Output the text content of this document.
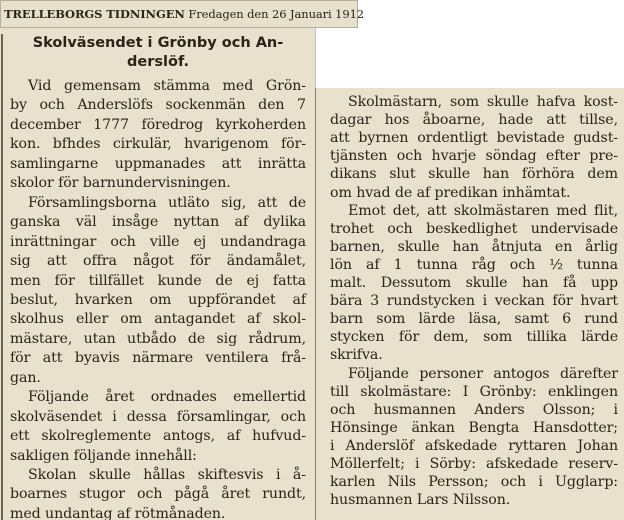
TRELLEBORGS TIDNINGEN Fredagen den 26 Januari 1912
Skolväsendet i Grönby och An-
derslöf.
Vid gemensam stämma med Grön-
by och Anderslöfs sockenmän den 7
december 1777 föredrog kyrkoherden
kon. bfhdes cirkulär, hvarigenom för-
samlingarne uppmanades att inrätta
skolor för barnundervisningen.
Församlingsborna utläto sig, att de
ganska väl insåge nyttan af dylika
inrättningar och ville ej undandraga
sig att offra något för ändamålet,
men för tillfället kunde de ej fatta
beslut, hvarken om uppförandet af
skolhus eller om antagandet af skol-
mästare, utan utbådo de sig rådrum,
för att byavis närmare ventilera frå-
gan.
Följande året ordnades emellertid
skolväsendet i dessa församlingar, och
ett skolreglemente antogs, af hufvud-
sakligen följande innehåll:
Skolan skulle hållas skiftesvis i å-
boarnes stugor och pågå året rundt,
med undantag af rötmånaden.
Skolmästarn, som skulle hafva kost-
dagar hos åboarne, hade att tillse,
att byrnen ordentligt bevistade gudst-
tjänsten och hvarje söndag efter pre-
dikans slut skulle han förhöra dem
om hvad de af predikan inhämtat.
Emot det, att skolmästaren med flit,
trohet och beskedlighet undervisade
barnen, skulle han åtnjuta en årlig
lön af 1 tunna råg och ½ tunna
malt. Dessutom skulle han få upp
bära 3 rundstycken i veckan för hvart
barn som lärde läsa, samt 6 rund
stycken för dem, som tillika lärde
skrifva.
Följande personer antogos därefter
till skolmästare: I Grönby: enklingen
och husmannen Anders Olsson; i
Hönsinge änkan Bengta Hansdotter;
i Anderslöf afskedade ryttaren Johan
Möllerfelt; i Sörby: afskedade reserv-
karlen Nils Persson; och i Ugglarp:
husmannen Lars Nilsson.
